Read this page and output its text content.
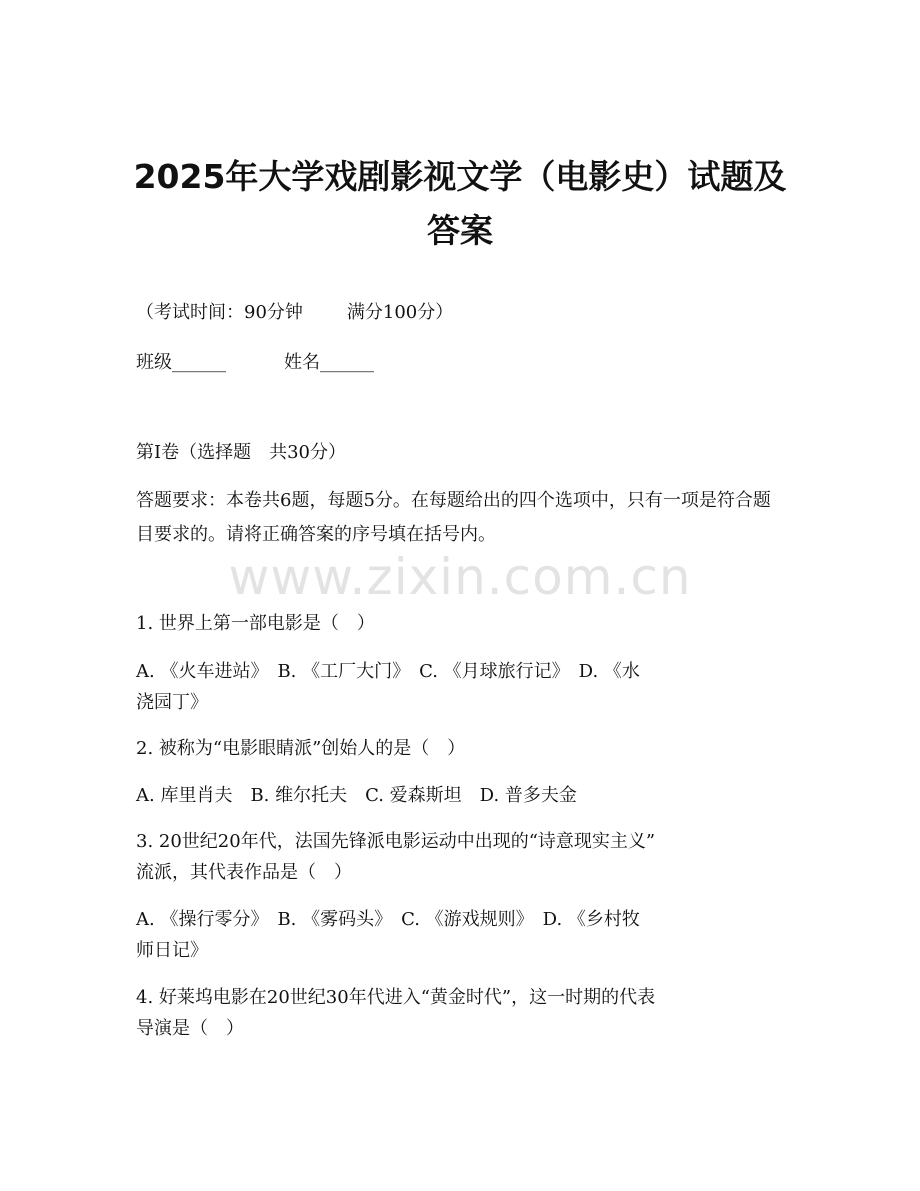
2025年大学戏剧影视文学（电影史）试题及
答案
（考试时间：90分钟 满分100分）
班级______	姓名______
第I卷（选择题　共30分）
答题要求：本卷共6题，每题5分。在每题给出的四个选项中，只有一项是符合题目要求的。请将正确答案的序号填在括号内。
www.zixin.com.cn
1. 世界上第一部电影是（　）
A. 《火车进站》　B. 《工厂大门》　C. 《月球旅行记》　D. 《水
浇园丁》
2. 被称为“电影眼睛派”创始人的是（　）
A. 库里肖夫　B. 维尔托夫　C. 爱森斯坦　D. 普多夫金
3. 20世纪20年代，法国先锋派电影运动中出现的“诗意现实主义”
流派，其代表作品是（　）
A. 《操行零分》　B. 《雾码头》　C. 《游戏规则》　D. 《乡村牧
师日记》
4. 好莱坞电影在20世纪30年代进入“黄金时代”，这一时期的代表
导演是（　）
